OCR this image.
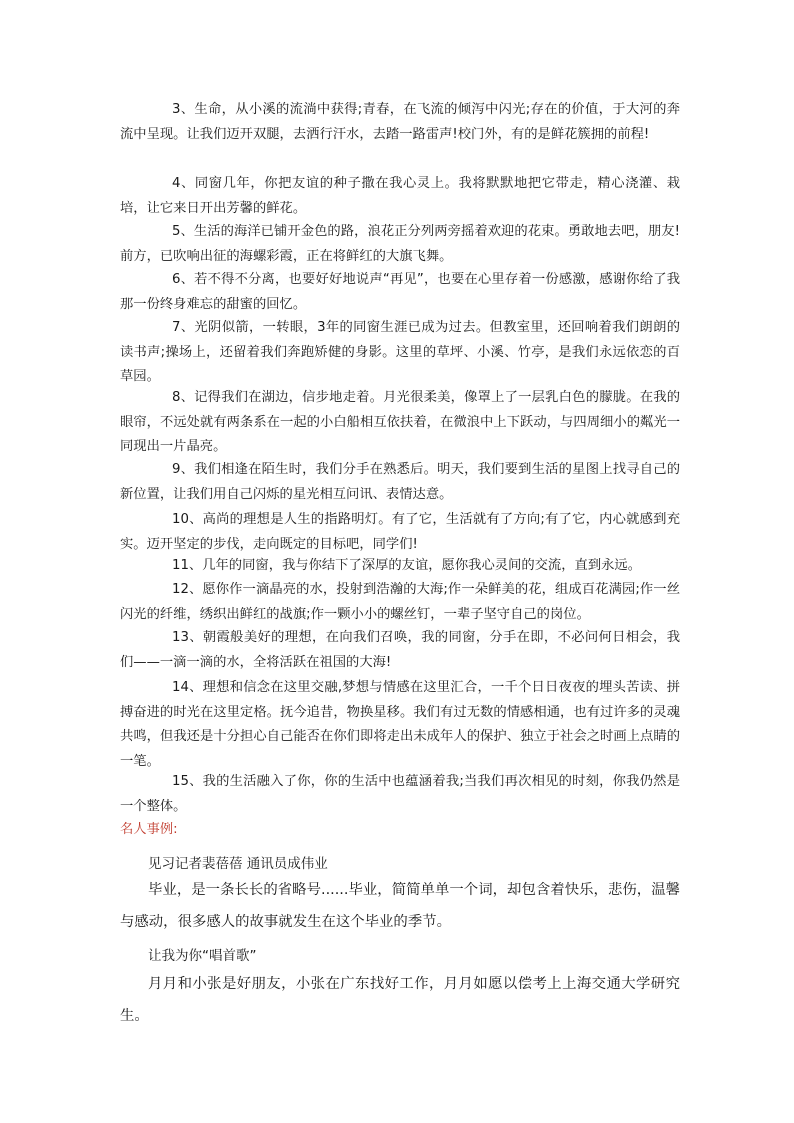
3、生命，从小溪的流淌中获得;青春，在飞流的倾泻中闪光;存在的价值，于大河的奔流中呈现。让我们迈开双腿，去洒行汗水，去踏一路雷声!校门外，有的是鲜花簇拥的前程!

4、同窗几年，你把友谊的种子撒在我心灵上。我将默默地把它带走，精心浇灌、栽培，让它来日开出芳馨的鲜花。

5、生活的海洋已铺开金色的路，浪花正分列两旁摇着欢迎的花束。勇敢地去吧，朋友!前方，已吹响出征的海螺彩霞，正在将鲜红的大旗飞舞。

6、若不得不分离，也要好好地说声“再见”，也要在心里存着一份感激，感谢你给了我那一份终身难忘的甜蜜的回忆。

7、光阴似箭，一转眼，3年的同窗生涯已成为过去。但教室里，还回响着我们朗朗的读书声;操场上，还留着我们奔跑矫健的身影。这里的草坪、小溪、竹亭，是我们永远依恋的百草园。

8、记得我们在湖边，信步地走着。月光很柔美，像罩上了一层乳白色的朦胧。在我的眼帘，不远处就有两条系在一起的小白船相互依扶着，在微浪中上下跃动，与四周细小的粼光一同现出一片晶亮。

9、我们相逢在陌生时，我们分手在熟悉后。明天，我们要到生活的星图上找寻自己的新位置，让我们用自己闪烁的星光相互问讯、表情达意。

10、高尚的理想是人生的指路明灯。有了它，生活就有了方向;有了它，内心就感到充实。迈开坚定的步伐，走向既定的目标吧，同学们!

11、几年的同窗，我与你结下了深厚的友谊，愿你我心灵间的交流，直到永远。

12、愿你作一滴晶亮的水，投射到浩瀚的大海;作一朵鲜美的花，组成百花满园;作一丝闪光的纤维，绣织出鲜红的战旗;作一颗小小的螺丝钉，一辈子坚守自己的岗位。

13、朝霞般美好的理想，在向我们召唤，我的同窗，分手在即，不必问何日相会，我们——一滴一滴的水，全将活跃在祖国的大海!

14、理想和信念在这里交融,梦想与情感在这里汇合，一千个日日夜夜的埋头苦读、拼搏奋进的时光在这里定格。抚今追昔，物换星移。我们有过无数的情感相通，也有过许多的灵魂共鸣，但我还是十分担心自己能否在你们即将走出未成年人的保护、独立于社会之时画上点睛的一笔。

15、我的生活融入了你，你的生活中也蕴涵着我;当我们再次相见的时刻，你我仍然是一个整体。

名人事例:

见习记者裴蓓蓓 通讯员成伟业

毕业，是一条长长的省略号......毕业，简简单单一个词，却包含着快乐，悲伤，温馨与感动，很多感人的故事就发生在这个毕业的季节。

让我为你“唱首歌”

月月和小张是好朋友，小张在广东找好工作，月月如愿以偿考上上海交通大学研究生。
